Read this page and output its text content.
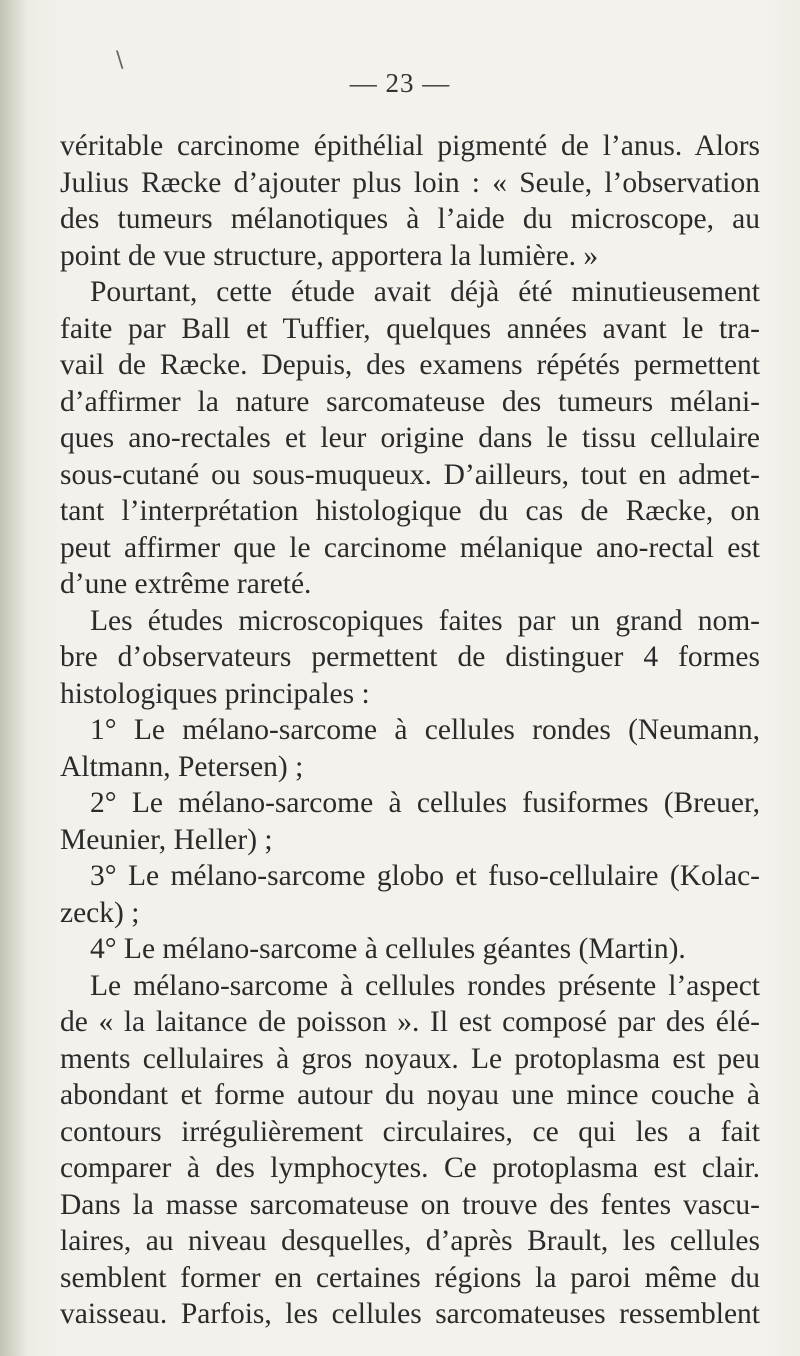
\
— 23 —
véritable carcinome épithélial pigmenté de l’anus. Alors
Julius Ræcke d’ajouter plus loin : « Seule, l’observation
des tumeurs mélanotiques à l’aide du microscope, au
point de vue structure, apportera la lumière. »
Pourtant, cette étude avait déjà été minutieusement
faite par Ball et Tuffier, quelques années avant le tra-
vail de Ræcke. Depuis, des examens répétés permettent
d’affirmer la nature sarcomateuse des tumeurs mélani-
ques ano-rectales et leur origine dans le tissu cellulaire
sous-cutané ou sous-muqueux. D’ailleurs, tout en admet-
tant l’interprétation histologique du cas de Ræcke, on
peut affirmer que le carcinome mélanique ano-rectal est
d’une extrême rareté.
Les études microscopiques faites par un grand nom-
bre d’observateurs permettent de distinguer 4 formes
histologiques principales :
1° Le mélano-sarcome à cellules rondes (Neumann,
Altmann, Petersen) ;
2° Le mélano-sarcome à cellules fusiformes (Breuer,
Meunier, Heller) ;
3° Le mélano-sarcome globo et fuso-cellulaire (Kolac-
zeck) ;
4° Le mélano-sarcome à cellules géantes (Martin).
Le mélano-sarcome à cellules rondes présente l’aspect
de « la laitance de poisson ». Il est composé par des élé-
ments cellulaires à gros noyaux. Le protoplasma est peu
abondant et forme autour du noyau une mince couche à
contours irrégulièrement circulaires, ce qui les a fait
comparer à des lymphocytes. Ce protoplasma est clair.
Dans la masse sarcomateuse on trouve des fentes vascu-
laires, au niveau desquelles, d’après Brault, les cellules
semblent former en certaines régions la paroi même du
vaisseau. Parfois, les cellules sarcomateuses ressemblent
